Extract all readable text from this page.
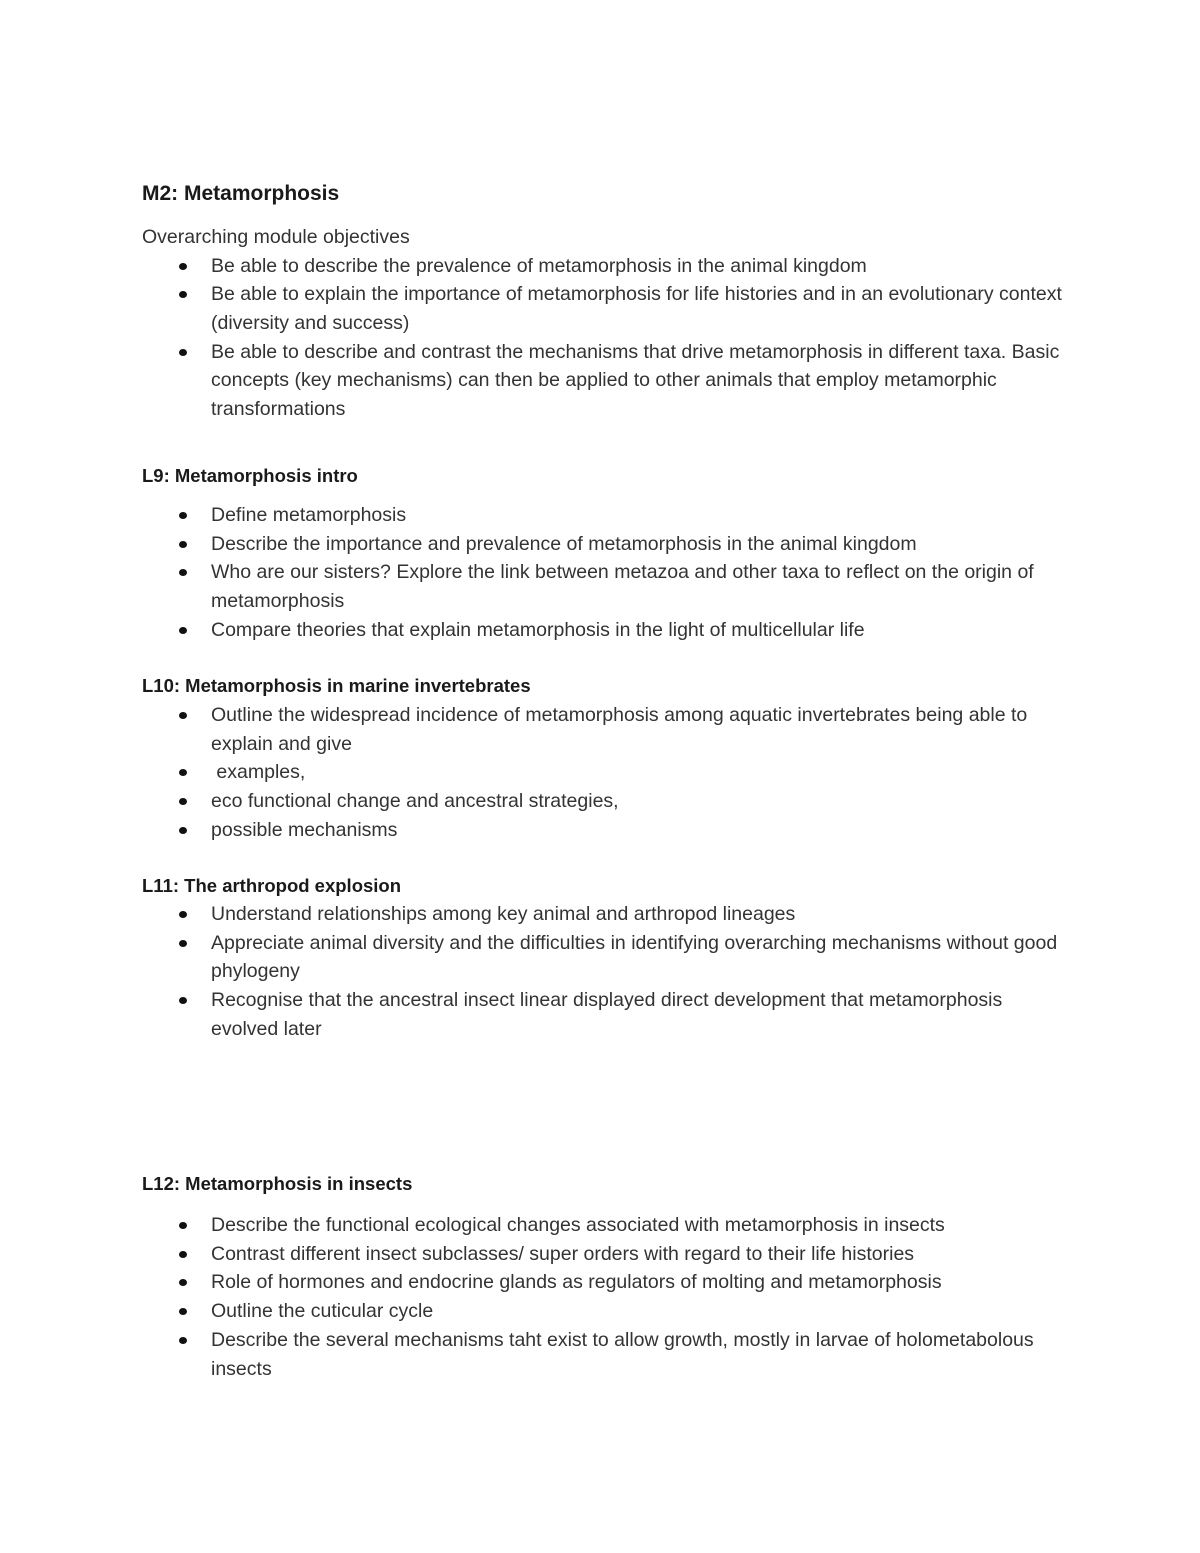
M2: Metamorphosis

Overarching module objectives

Be able to describe the prevalence of metamorphosis in the animal kingdom
Be able to explain the importance of metamorphosis for life histories and in an evolutionary context (diversity and success)
Be able to describe and contrast the mechanisms that drive metamorphosis in different taxa. Basic concepts (key mechanisms) can then be applied to other animals that employ metamorphic transformations
L9: Metamorphosis intro
Define metamorphosis
Describe the importance and prevalence of metamorphosis in the animal kingdom
Who are our sisters? Explore the link between metazoa and other taxa to reflect on the origin of metamorphosis
Compare theories that explain metamorphosis in the light of multicellular life
L10: Metamorphosis in marine invertebrates
Outline the widespread incidence of metamorphosis among aquatic invertebrates being able to explain and give
examples,
eco functional change and ancestral strategies,
possible mechanisms
L11: The arthropod explosion
Understand relationships among key animal and arthropod lineages
Appreciate animal diversity and the difficulties in identifying overarching mechanisms without good phylogeny
Recognise that the ancestral insect linear displayed direct development that metamorphosis evolved later
L12: Metamorphosis in insects
Describe the functional ecological changes associated with metamorphosis in insects
Contrast different insect subclasses/ super orders with regard to their life histories
Role of hormones and endocrine glands as regulators of molting and metamorphosis
Outline the cuticular cycle
Describe the several mechanisms taht exist to allow growth, mostly in larvae of holometabolous insects
